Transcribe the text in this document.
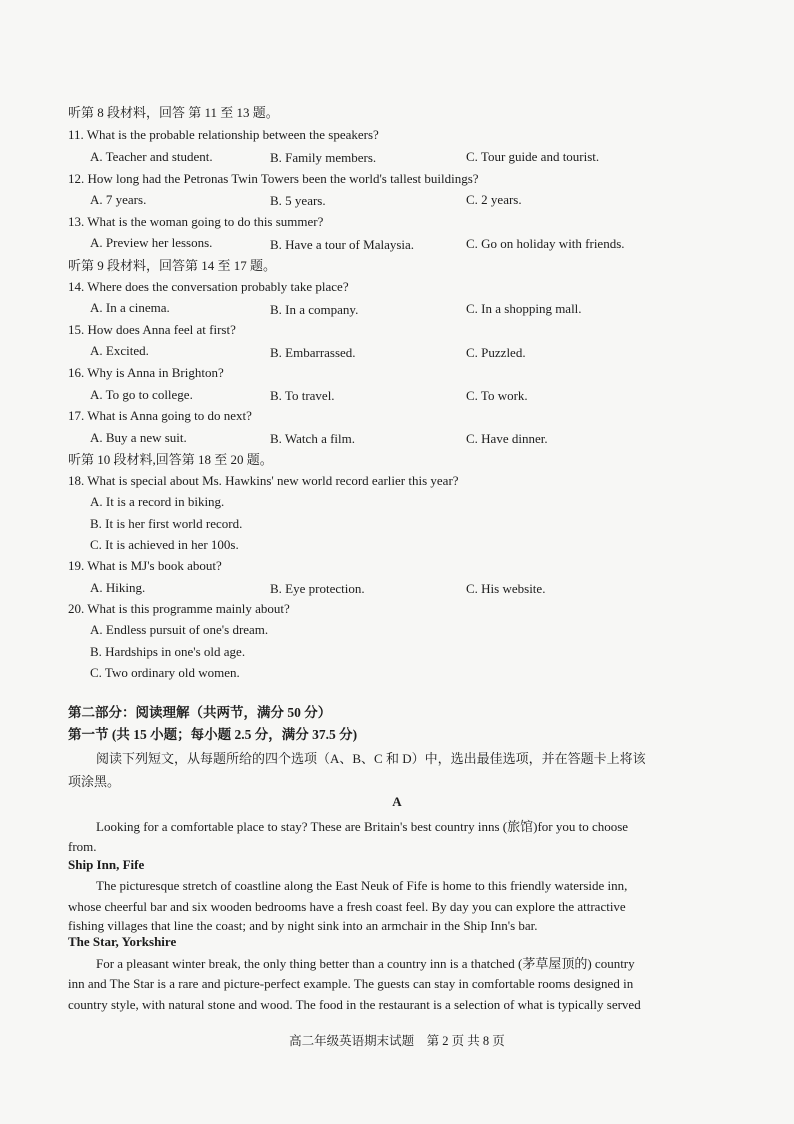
听第 8 段材料，回答 第 11 至 13 题。
11. What is the probable relationship between the speakers?
A. Teacher and student.	B. Family members.	C. Tour guide and tourist.
12. How long had the Petronas Twin Towers been the world's tallest buildings?
A. 7 years.	B. 5 years.	C. 2 years.
13. What is the woman going to do this summer?
A. Preview her lessons.	B. Have a tour of Malaysia.	C. Go on holiday with friends.
听第 9 段材料，回答第 14 至 17 题。
14. Where does the conversation probably take place?
A. In a cinema.	B. In a company.	C. In a shopping mall.
15. How does Anna feel at first?
A. Excited.	B. Embarrassed.	C. Puzzled.
16. Why is Anna in Brighton?
A. To go to college.	B. To travel.	C. To work.
17. What is Anna going to do next?
A. Buy a new suit.	B. Watch a film.	C. Have dinner.
听第 10 段材料,回答第 18 至 20 题。
18. What is special about Ms. Hawkins' new world record earlier this year?
A. It is a record in biking.
B. It is her first world record.
C. It is achieved in her 100s.
19. What is MJ's book about?
A. Hiking.	B. Eye protection.	C. His website.
20. What is this programme mainly about?
A. Endless pursuit of one's dream.
B. Hardships in one's old age.
C. Two ordinary old women.
第二部分：阅读理解（共两节，满分 50 分）
第一节 (共 15 小题；每小题 2.5 分，满分 37.5 分)
阅读下列短文，从每题所给的四个选项（A、B、C 和 D）中，选出最佳选项，并在答题卡上将该
项涂黑。
A
Looking for a comfortable place to stay? These are Britain's best country inns (旅馆)for you to choose
from.
Ship Inn, Fife
The picturesque stretch of coastline along the East Neuk of Fife is home to this friendly waterside inn,
whose cheerful bar and six wooden bedrooms have a fresh coast feel. By day you can explore the attractive
fishing villages that line the coast; and by night sink into an armchair in the Ship Inn's bar.
The Star, Yorkshire
For a pleasant winter break, the only thing better than a country inn is a thatched (茅草屋顶的) country
inn and The Star is a rare and picture-perfect example. The guests can stay in comfortable rooms designed in
country style, with natural stone and wood. The food in the restaurant is a selection of what is typically served
高二年级英语期末试题　第 2 页 共 8 页
